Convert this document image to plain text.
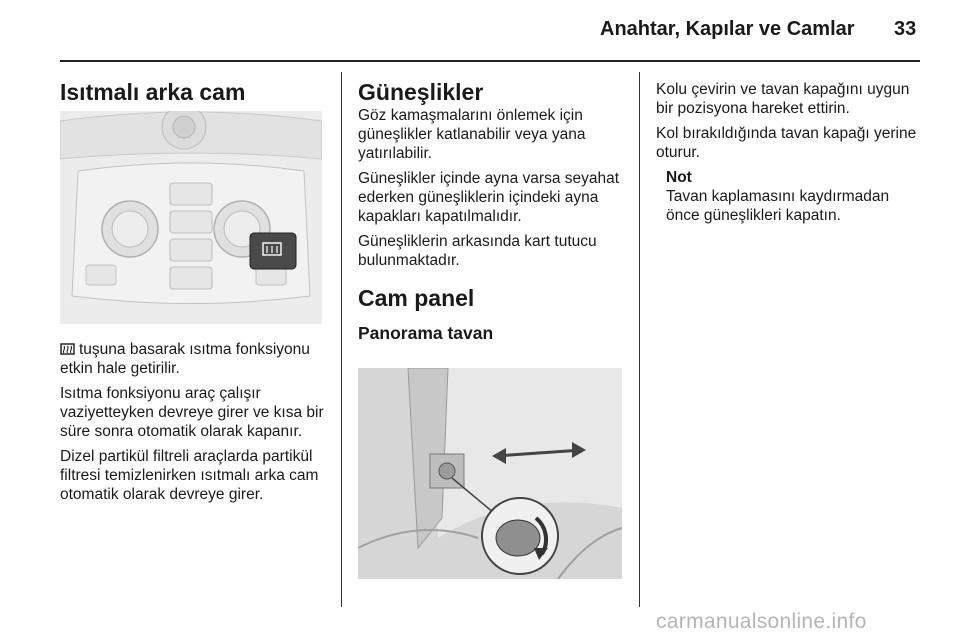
Anahtar, Kapılar ve Camlar 33
Isıtmalı arka cam

tuşuna basarak ısıtma fonksiyonu etkin hale getirilir.

Isıtma fonksiyonu araç çalışır vaziyetteyken devreye girer ve kısa bir süre sonra otomatik olarak kapanır.

Dizel partikül filtreli araçlarda partikül filtresi temizlenirken ısıtmalı arka cam otomatik olarak devreye girer.

Güneşlikler

Göz kamaşmalarını önlemek için güneşlikler katlanabilir veya yana yatırılabilir.

Güneşlikler içinde ayna varsa seyahat ederken güneşliklerin içindeki ayna kapakları kapatılmalıdır.

Güneşliklerin arkasında kart tutucu bulunmaktadır.

Cam panel
Panorama tavan

Kolu çevirin ve tavan kapağını uygun bir pozisyona hareket ettirin.

Kol bırakıldığında tavan kapağı yerine oturur.

Not
Tavan kaplamasını kaydırmadan önce güneşlikleri kapatın.
carmanualsonline.info
